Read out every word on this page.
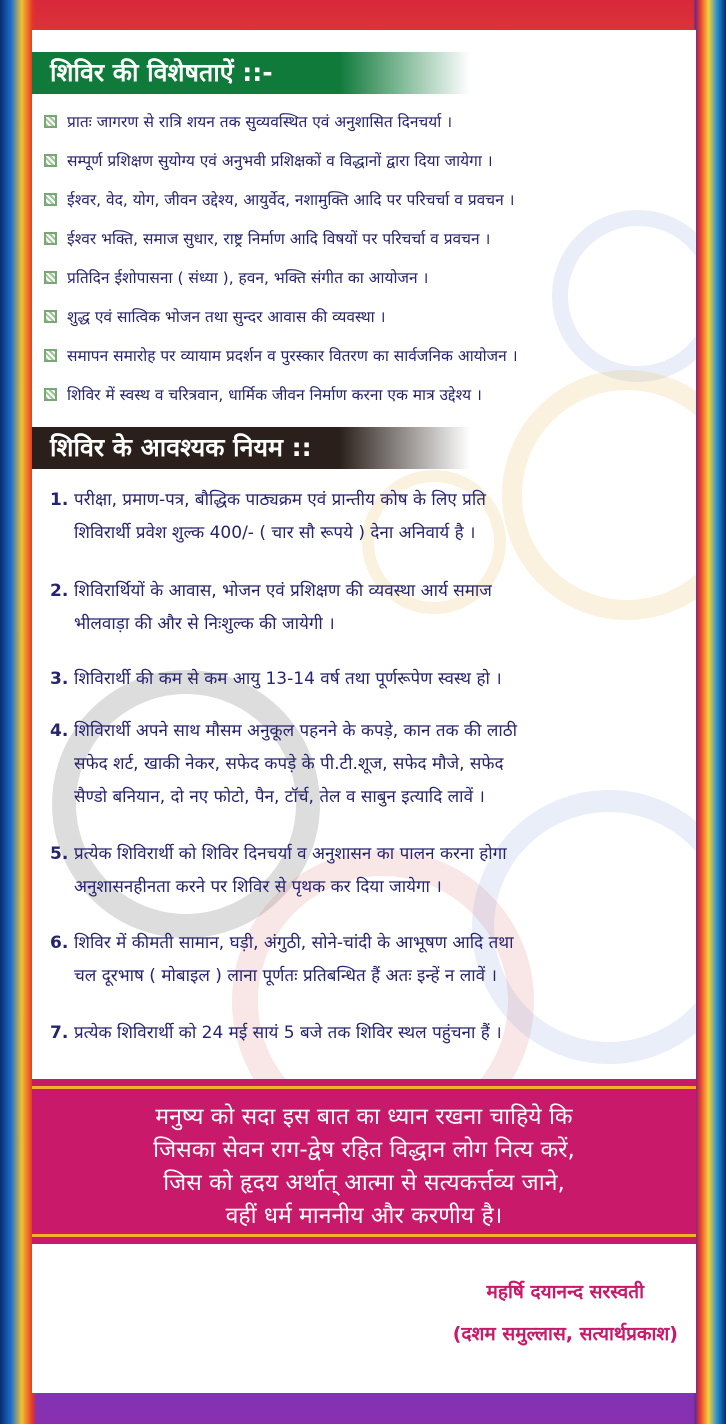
शिविर की विशेषताऐं ::-
प्रातः जागरण से रात्रि शयन तक सुव्यवस्थित एवं अनुशासित दिनचर्या ।
सम्पूर्ण प्रशिक्षण सुयोग्य एवं अनुभवी प्रशिक्षकों व विद्धानों द्वारा दिया जायेगा ।
ईश्वर, वेद, योग, जीवन उद्देश्य, आयुर्वेद, नशामुक्ति आदि पर परिचर्चा व प्रवचन ।
ईश्वर भक्ति, समाज सुधार, राष्ट्र निर्माण आदि विषयों पर परिचर्चा व प्रवचन ।
प्रतिदिन ईशोपासना ( संध्या ), हवन, भक्ति संगीत का आयोजन ।
शुद्ध एवं सात्विक भोजन तथा सुन्दर आवास की व्यवस्था ।
समापन समारोह पर व्यायाम प्रदर्शन व पुरस्कार वितरण का सार्वजनिक आयोजन ।
शिविर में स्वस्थ व चरित्रवान, धार्मिक जीवन निर्माण करना एक मात्र उद्देश्य ।
शिविर के आवश्यक नियम ::
1. परीक्षा, प्रमाण-पत्र, बौद्धिक पाठ्यक्रम एवं प्रान्तीय कोष के लिए प्रति
शिविरार्थी प्रवेश शुल्क 400/- ( चार सौ रूपये ) देना अनिवार्य है ।
2. शिविरार्थियों के आवास, भोजन एवं प्रशिक्षण की व्यवस्था आर्य समाज
भीलवाड़ा की और से निःशुल्क की जायेगी ।
3. शिविरार्थी की कम से कम आयु 13-14 वर्ष तथा पूर्णरूपेण स्वस्थ हो ।
4. शिविरार्थी अपने साथ मौसम अनुकूल पहनने के कपड़े, कान तक की लाठी
सफेद शर्ट, खाकी नेकर, सफेद कपड़े के पी.टी.शूज, सफेद मौजे, सफेद
सैण्डो बनियान, दो नए फोटो, पैन, टॉर्च, तेल व साबुन इत्यादि लावें ।
5. प्रत्येक शिविरार्थी को शिविर दिनचर्या व अनुशासन का पालन करना होगा
अनुशासनहीनता करने पर शिविर से पृथक कर दिया जायेगा ।
6. शिविर में कीमती सामान, घड़ी, अंगुठी, सोने-चांदी के आभूषण आदि तथा
चल दूरभाष ( मोबाइल ) लाना पूर्णतः प्रतिबन्धित हैं अतः इन्हें न लावें ।
7. प्रत्येक शिविरार्थी को 24 मई सायं 5 बजे तक शिविर स्थल पहुंचना हैं ।
मनुष्य को सदा इस बात का ध्यान रखना चाहिये कि
जिसका सेवन राग-द्वेष रहित विद्धान लोग नित्य करें,
जिस को हृदय अर्थात् आत्मा से सत्यकर्त्तव्य जाने,
वहीं धर्म माननीय और करणीय है।
महर्षि दयानन्द सरस्वती
(दशम समुल्लास, सत्यार्थप्रकाश)
